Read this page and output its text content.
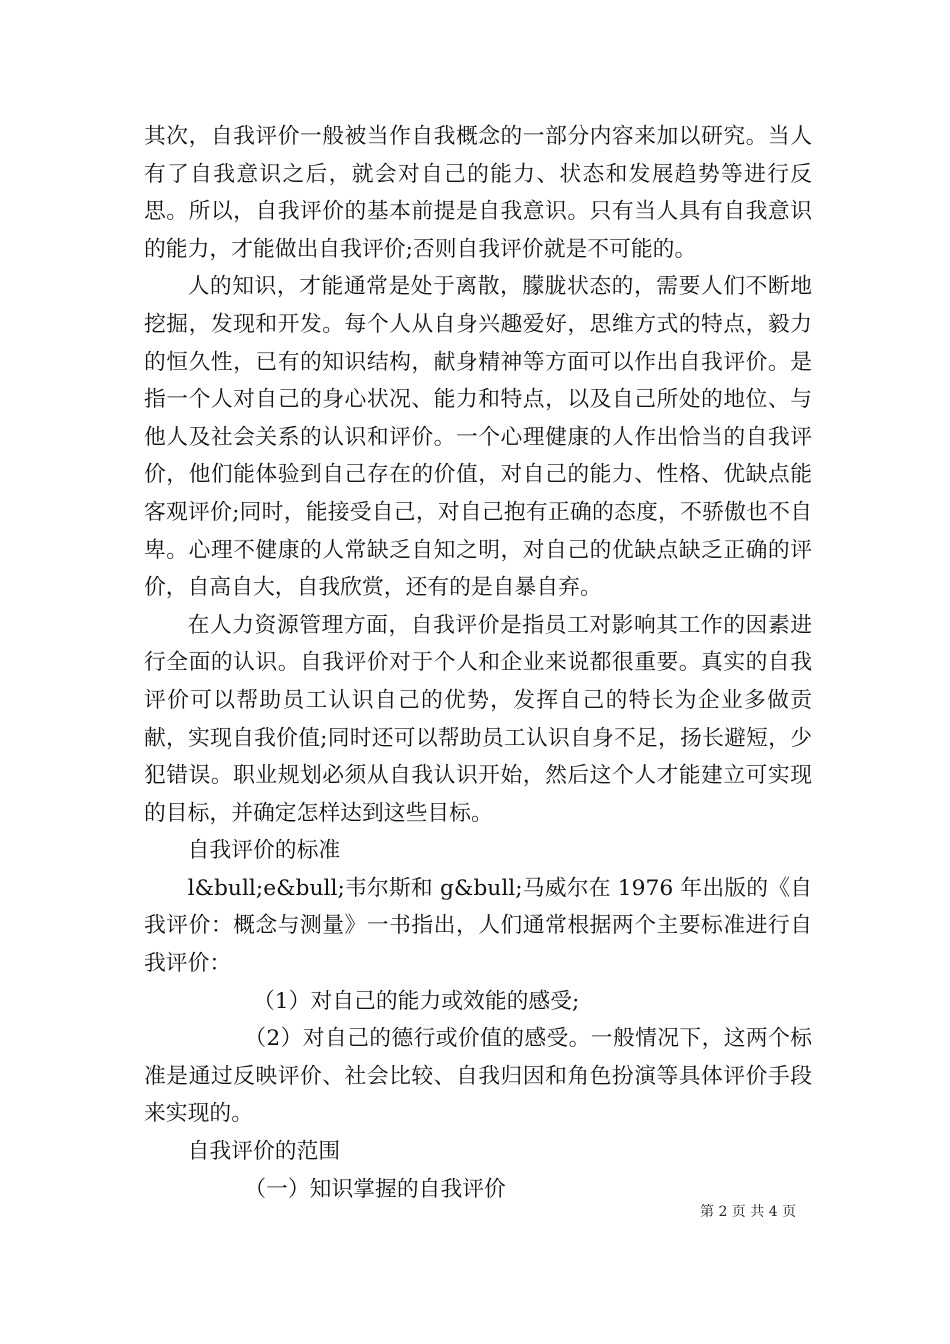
其次，自我评价一般被当作自我概念的一部分内容来加以研究。当人有了自我意识之后，就会对自己的能力、状态和发展趋势等进行反思。所以，自我评价的基本前提是自我意识。只有当人具有自我意识的能力，才能做出自我评价;否则自我评价就是不可能的。

人的知识，才能通常是处于离散，朦胧状态的，需要人们不断地挖掘，发现和开发。每个人从自身兴趣爱好，思维方式的特点，毅力的恒久性，已有的知识结构，献身精神等方面可以作出自我评价。是指一个人对自己的身心状况、能力和特点，以及自己所处的地位、与他人及社会关系的认识和评价。一个心理健康的人作出恰当的自我评价，他们能体验到自己存在的价值，对自己的能力、性格、优缺点能客观评价;同时，能接受自己，对自己抱有正确的态度，不骄傲也不自卑。心理不健康的人常缺乏自知之明，对自己的优缺点缺乏正确的评价，自高自大，自我欣赏，还有的是自暴自弃。

在人力资源管理方面，自我评价是指员工对影响其工作的因素进行全面的认识。自我评价对于个人和企业来说都很重要。真实的自我评价可以帮助员工认识自己的优势，发挥自己的特长为企业多做贡献，实现自我价值;同时还可以帮助员工认识自身不足，扬长避短，少犯错误。职业规划必须从自我认识开始，然后这个人才能建立可实现的目标，并确定怎样达到这些目标。

自我评价的标准

l&bull;e&bull;韦尔斯和 g&bull;马威尔在 1976 年出版的《自我评价：概念与测量》一书指出，人们通常根据两个主要标准进行自我评价：

（1）对自己的能力或效能的感受;

（2）对自己的德行或价值的感受。一般情况下，这两个标准是通过反映评价、社会比较、自我归因和角色扮演等具体评价手段来实现的。

自我评价的范围

（一）知识掌握的自我评价

第 2 页 共 4 页
